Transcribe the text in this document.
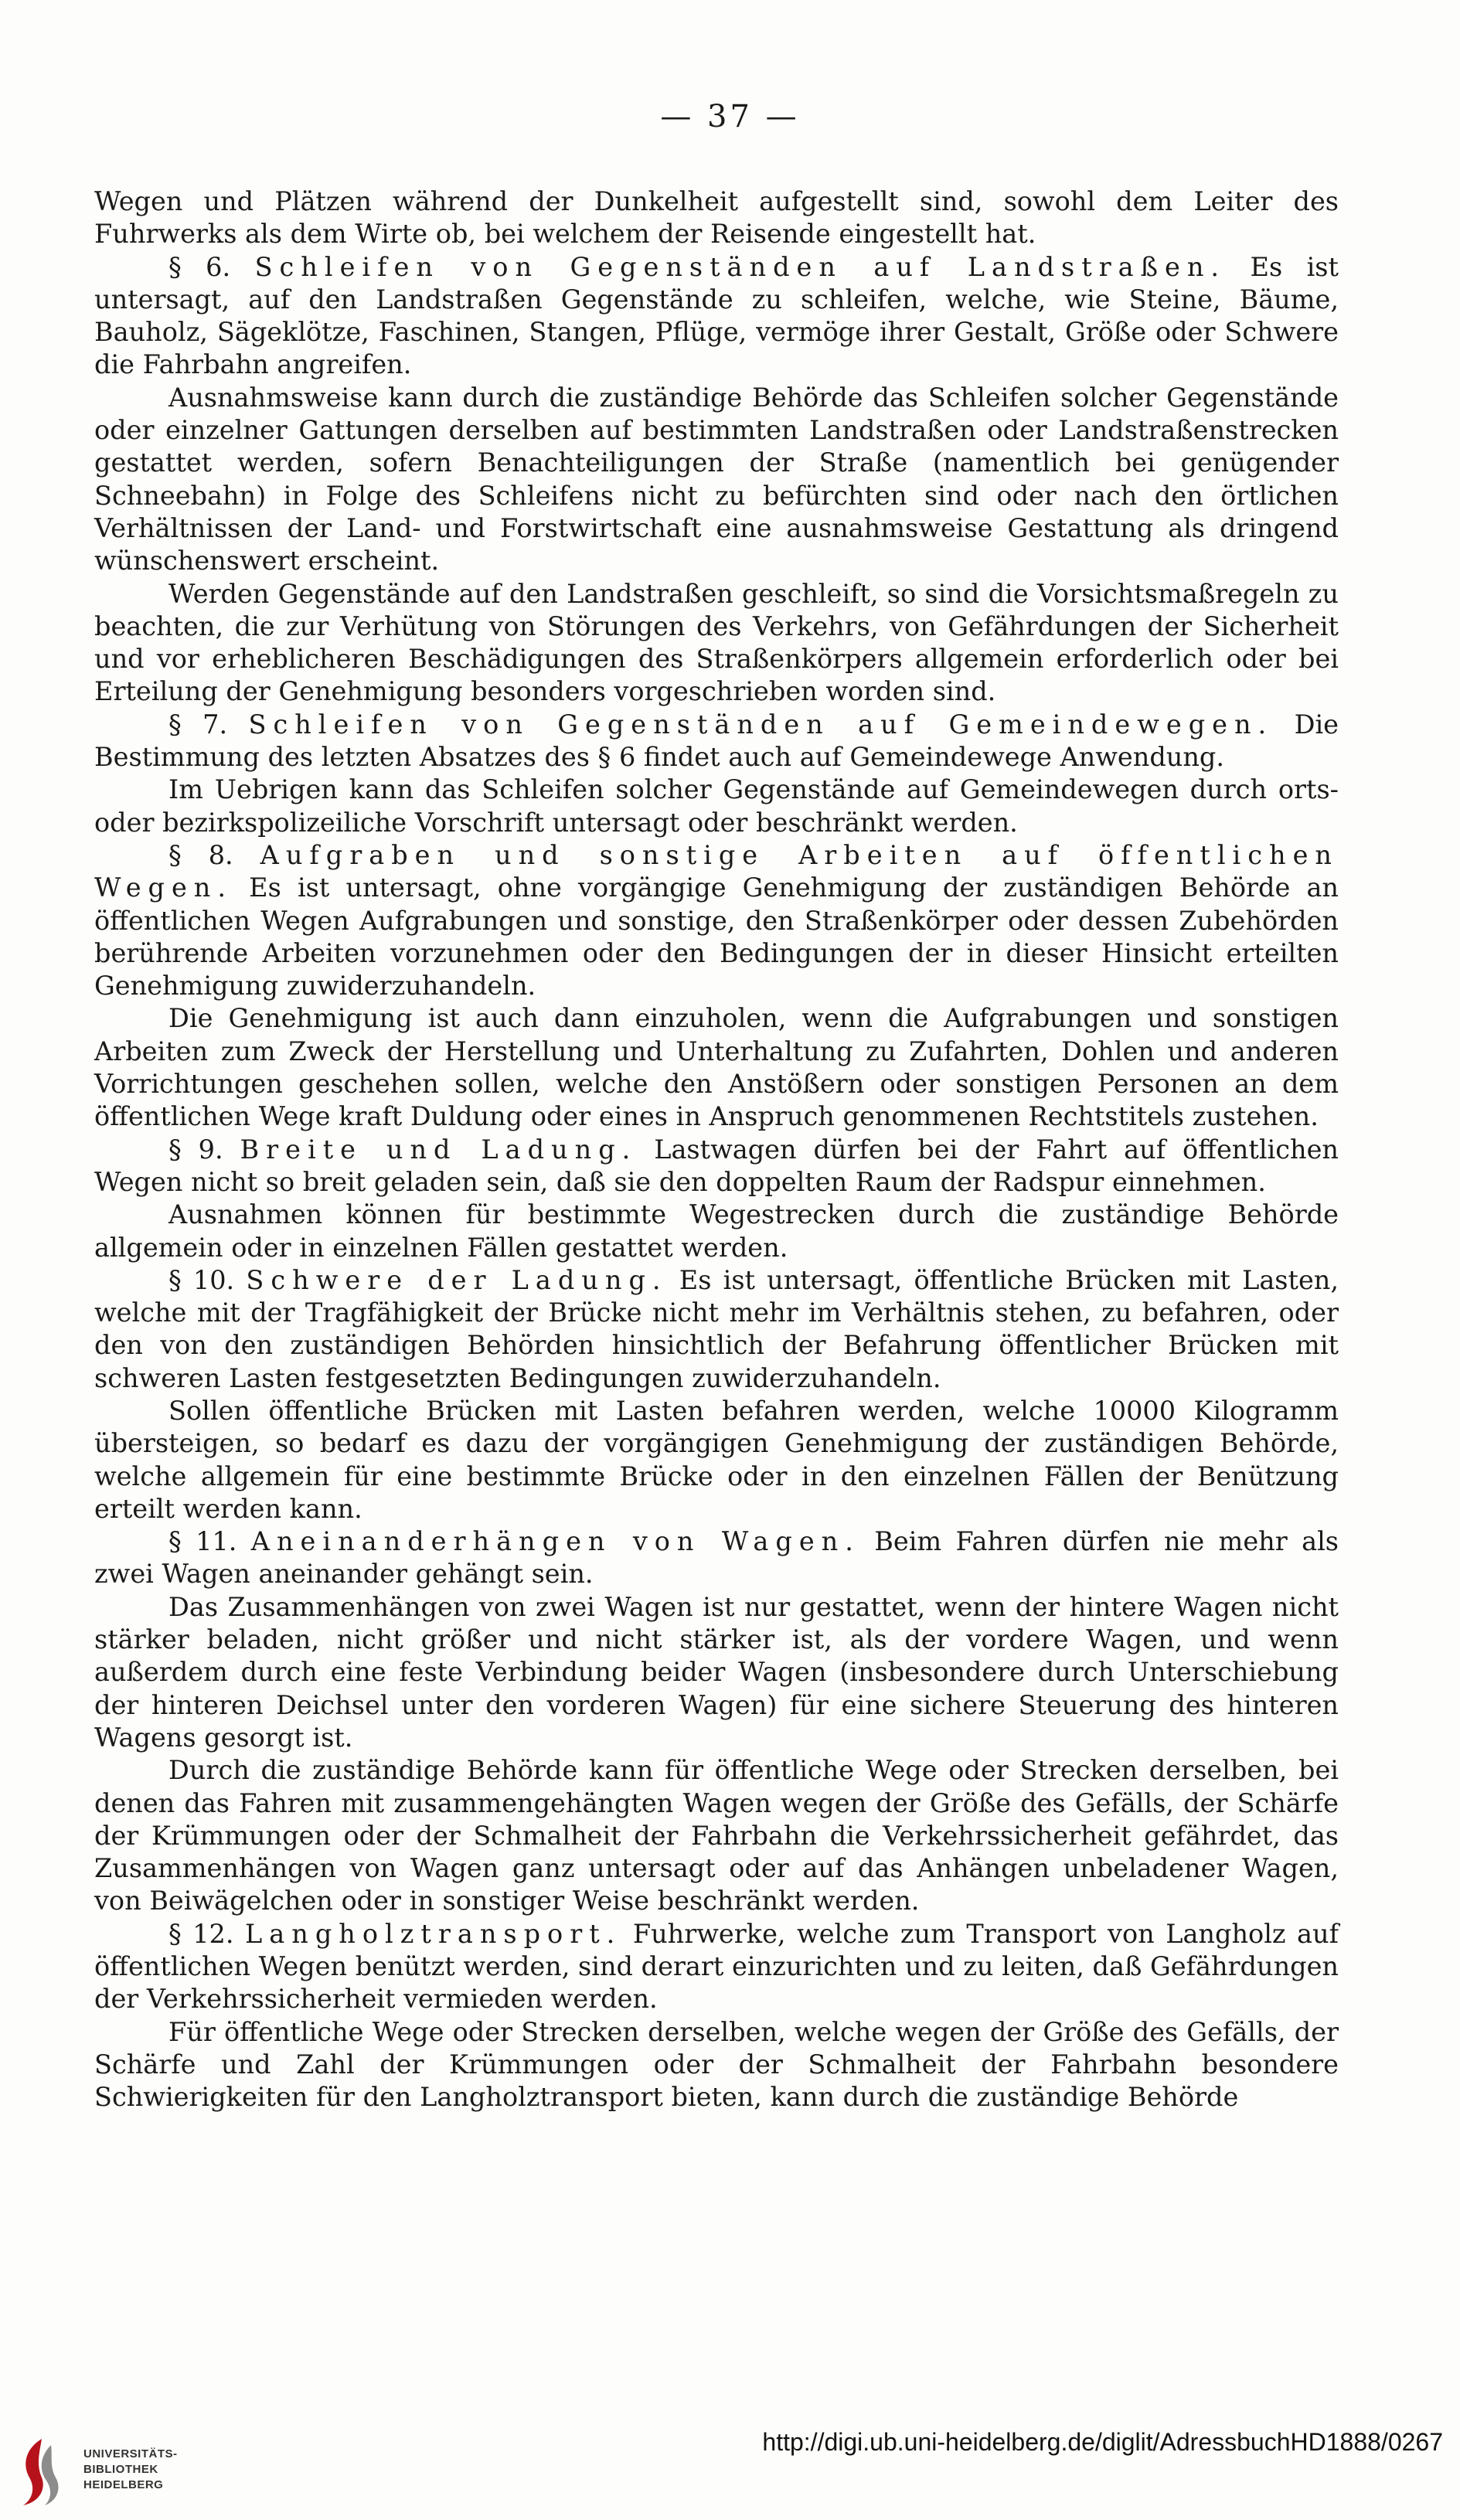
— 37 —

Wegen und Plätzen während der Dunkelheit aufgestellt sind, sowohl dem Leiter des Fuhrwerks als dem Wirte ob, bei welchem der Reisende eingestellt hat.

§ 6. Schleifen von Gegenständen auf Landstraßen. Es ist untersagt, auf den Landstraßen Gegenstände zu schleifen, welche, wie Steine, Bäume, Bauholz, Sägeklötze, Faschinen, Stangen, Pflüge, vermöge ihrer Gestalt, Größe oder Schwere die Fahrbahn angreifen.

Ausnahmsweise kann durch die zuständige Behörde das Schleifen solcher Gegenstände oder einzelner Gattungen derselben auf bestimmten Landstraßen oder Landstraßenstrecken gestattet werden, sofern Benachteiligungen der Straße (namentlich bei genügender Schneebahn) in Folge des Schleifens nicht zu befürchten sind oder nach den örtlichen Verhältnissen der Land- und Forstwirtschaft eine ausnahmsweise Gestattung als dringend wünschenswert erscheint.

Werden Gegenstände auf den Landstraßen geschleift, so sind die Vorsichtsmaßregeln zu beachten, die zur Verhütung von Störungen des Verkehrs, von Gefährdungen der Sicherheit und vor erheblicheren Beschädigungen des Straßenkörpers allgemein erforderlich oder bei Erteilung der Genehmigung besonders vorgeschrieben worden sind.

§ 7. Schleifen von Gegenständen auf Gemeindewegen. Die Bestimmung des letzten Absatzes des § 6 findet auch auf Gemeindewege Anwendung.

Im Uebrigen kann das Schleifen solcher Gegenstände auf Gemeindewegen durch orts- oder bezirkspolizeiliche Vorschrift untersagt oder beschränkt werden.

§ 8. Aufgraben und sonstige Arbeiten auf öffentlichen Wegen. Es ist untersagt, ohne vorgängige Genehmigung der zuständigen Behörde an öffentlichen Wegen Aufgrabungen und sonstige, den Straßenkörper oder dessen Zubehörden berührende Arbeiten vorzunehmen oder den Bedingungen der in dieser Hinsicht erteilten Genehmigung zuwiderzuhandeln.

Die Genehmigung ist auch dann einzuholen, wenn die Aufgrabungen und sonstigen Arbeiten zum Zweck der Herstellung und Unterhaltung zu Zufahrten, Dohlen und anderen Vorrichtungen geschehen sollen, welche den Anstößern oder sonstigen Personen an dem öffentlichen Wege kraft Duldung oder eines in Anspruch genommenen Rechtstitels zustehen.

§ 9. Breite und Ladung. Lastwagen dürfen bei der Fahrt auf öffentlichen Wegen nicht so breit geladen sein, daß sie den doppelten Raum der Radspur einnehmen.

Ausnahmen können für bestimmte Wegestrecken durch die zuständige Behörde allgemein oder in einzelnen Fällen gestattet werden.

§ 10. Schwere der Ladung. Es ist untersagt, öffentliche Brücken mit Lasten, welche mit der Tragfähigkeit der Brücke nicht mehr im Verhältnis stehen, zu befahren, oder den von den zuständigen Behörden hinsichtlich der Befahrung öffentlicher Brücken mit schweren Lasten festgesetzten Bedingungen zuwiderzuhandeln.

Sollen öffentliche Brücken mit Lasten befahren werden, welche 10000 Kilogramm übersteigen, so bedarf es dazu der vorgängigen Genehmigung der zuständigen Behörde, welche allgemein für eine bestimmte Brücke oder in den einzelnen Fällen der Benützung erteilt werden kann.

§ 11. Aneinanderhängen von Wagen. Beim Fahren dürfen nie mehr als zwei Wagen aneinander gehängt sein.

Das Zusammenhängen von zwei Wagen ist nur gestattet, wenn der hintere Wagen nicht stärker beladen, nicht größer und nicht stärker ist, als der vordere Wagen, und wenn außerdem durch eine feste Verbindung beider Wagen (insbesondere durch Unterschiebung der hinteren Deichsel unter den vorderen Wagen) für eine sichere Steuerung des hinteren Wagens gesorgt ist.

Durch die zuständige Behörde kann für öffentliche Wege oder Strecken derselben, bei denen das Fahren mit zusammengehängten Wagen wegen der Größe des Gefälls, der Schärfe der Krümmungen oder der Schmalheit der Fahrbahn die Verkehrssicherheit gefährdet, das Zusammenhängen von Wagen ganz untersagt oder auf das Anhängen unbeladener Wagen, von Beiwägelchen oder in sonstiger Weise beschränkt werden.

§ 12. Langholztransport. Fuhrwerke, welche zum Transport von Langholz auf öffentlichen Wegen benützt werden, sind derart einzurichten und zu leiten, daß Gefährdungen der Verkehrssicherheit vermieden werden.

Für öffentliche Wege oder Strecken derselben, welche wegen der Größe des Gefälls, der Schärfe und Zahl der Krümmungen oder der Schmalheit der Fahrbahn besondere Schwierigkeiten für den Langholztransport bieten, kann durch die zuständige Behörde

UNIVERSITÄTS-
BIBLIOTHEK
HEIDELBERG
http://digi.ub.uni-heidelberg.de/diglit/AdressbuchHD1888/0267
